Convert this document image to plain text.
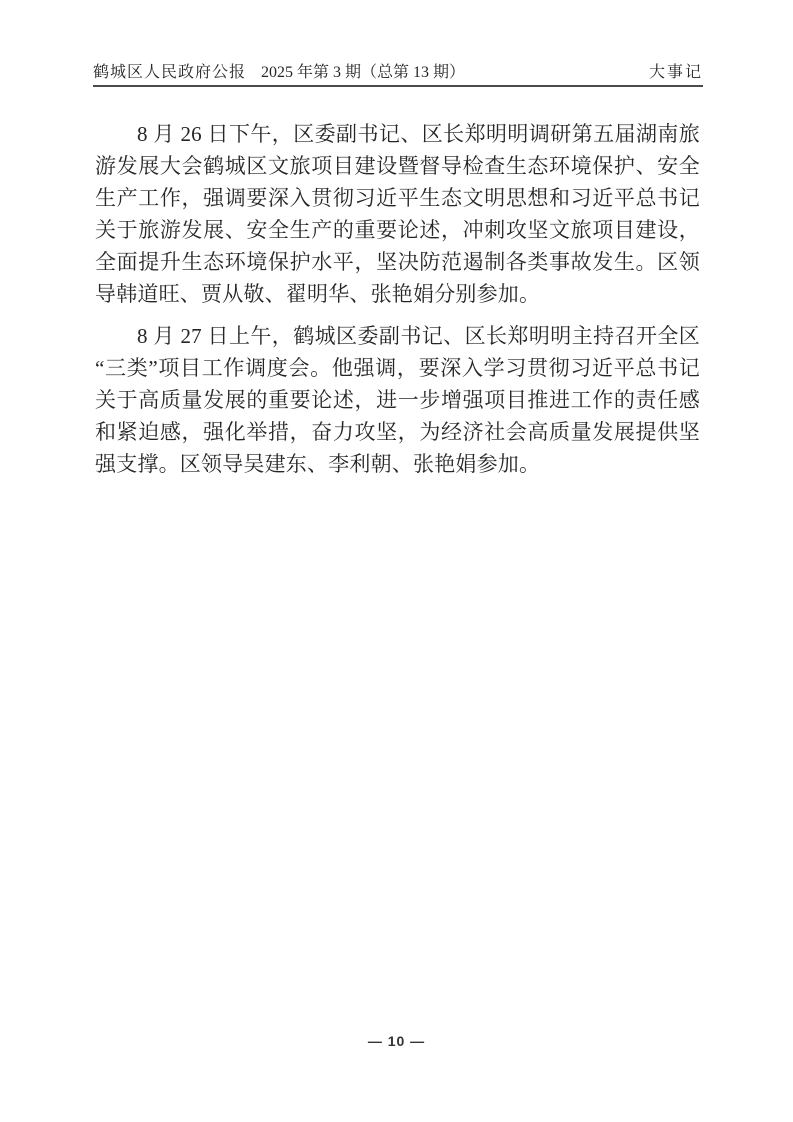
鹤城区人民政府公报 2025 年第 3 期（总第 13 期）	大事记

8 月 26 日下午，区委副书记、区长郑明明调研第五届湖南旅游发展大会鹤城区文旅项目建设暨督导检查生态环境保护、安全生产工作，强调要深入贯彻习近平生态文明思想和习近平总书记关于旅游发展、安全生产的重要论述，冲刺攻坚文旅项目建设，全面提升生态环境保护水平，坚决防范遏制各类事故发生。区领导韩道旺、贾从敬、翟明华、张艳娟分别参加。

8 月 27 日上午，鹤城区委副书记、区长郑明明主持召开全区“三类”项目工作调度会。他强调，要深入学习贯彻习近平总书记关于高质量发展的重要论述，进一步增强项目推进工作的责任感和紧迫感，强化举措，奋力攻坚，为经济社会高质量发展提供坚强支撑。区领导吴建东、李利朝、张艳娟参加。

— 10 —
